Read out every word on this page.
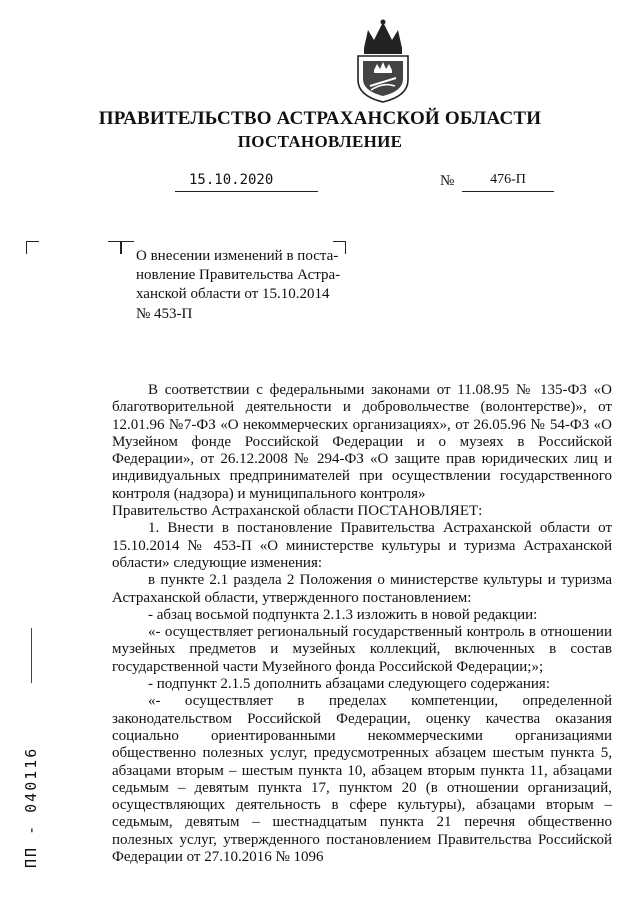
ПРАВИТЕЛЬСТВО АСТРАХАНСКОЙ ОБЛАСТИ
ПОСТАНОВЛЕНИЕ
15.10.2020	№	476-П
О внесении изменений в поста-
новление Правительства Астра-
ханской области от 15.10.2014
№ 453-П

В соответствии с федеральными законами от 11.08.95 № 135-ФЗ «О благотворительной деятельности и добровольчестве (волонтерстве)», от 12.01.96 №7-ФЗ «О некоммерческих организациях», от 26.05.96 № 54-ФЗ «О Музейном фонде Российской Федерации и о музеях в Российской Федерации», от 26.12.2008 № 294-ФЗ «О защите прав юридических лиц и индивидуальных предпринимателей при осуществлении государственного контроля (надзора) и муниципального контроля»

Правительство Астраханской области ПОСТАНОВЛЯЕТ:

1. Внести в постановление Правительства Астраханской области от 15.10.2014 № 453-П «О министерстве культуры и туризма Астраханской области» следующие изменения:

в пункте 2.1 раздела 2 Положения о министерстве культуры и туризма Астраханской области, утвержденного постановлением:

- абзац восьмой подпункта 2.1.3 изложить в новой редакции:

«- осуществляет региональный государственный контроль в отношении музейных предметов и музейных коллекций, включенных в состав государственной части Музейного фонда Российской Федерации;»;

- подпункт 2.1.5 дополнить абзацами следующего содержания:

«- осуществляет в пределах компетенции, определенной законодательством Российской Федерации, оценку качества оказания социально ориентированными некоммерческими организациями общественно полезных услуг, предусмотренных абзацем шестым пункта 5, абзацами вторым – шестым пункта 10, абзацем вторым пункта 11, абзацами седьмым – девятым пункта 17, пунктом 20 (в отношении организаций, осуществляющих деятельность в сфере культуры), абзацами вторым – седьмым, девятым – шестнадцатым пункта 21 перечня общественно полезных услуг, утвержденного постановлением Правительства Российской Федерации от 27.10.2016 № 1096

ПП - 040116
